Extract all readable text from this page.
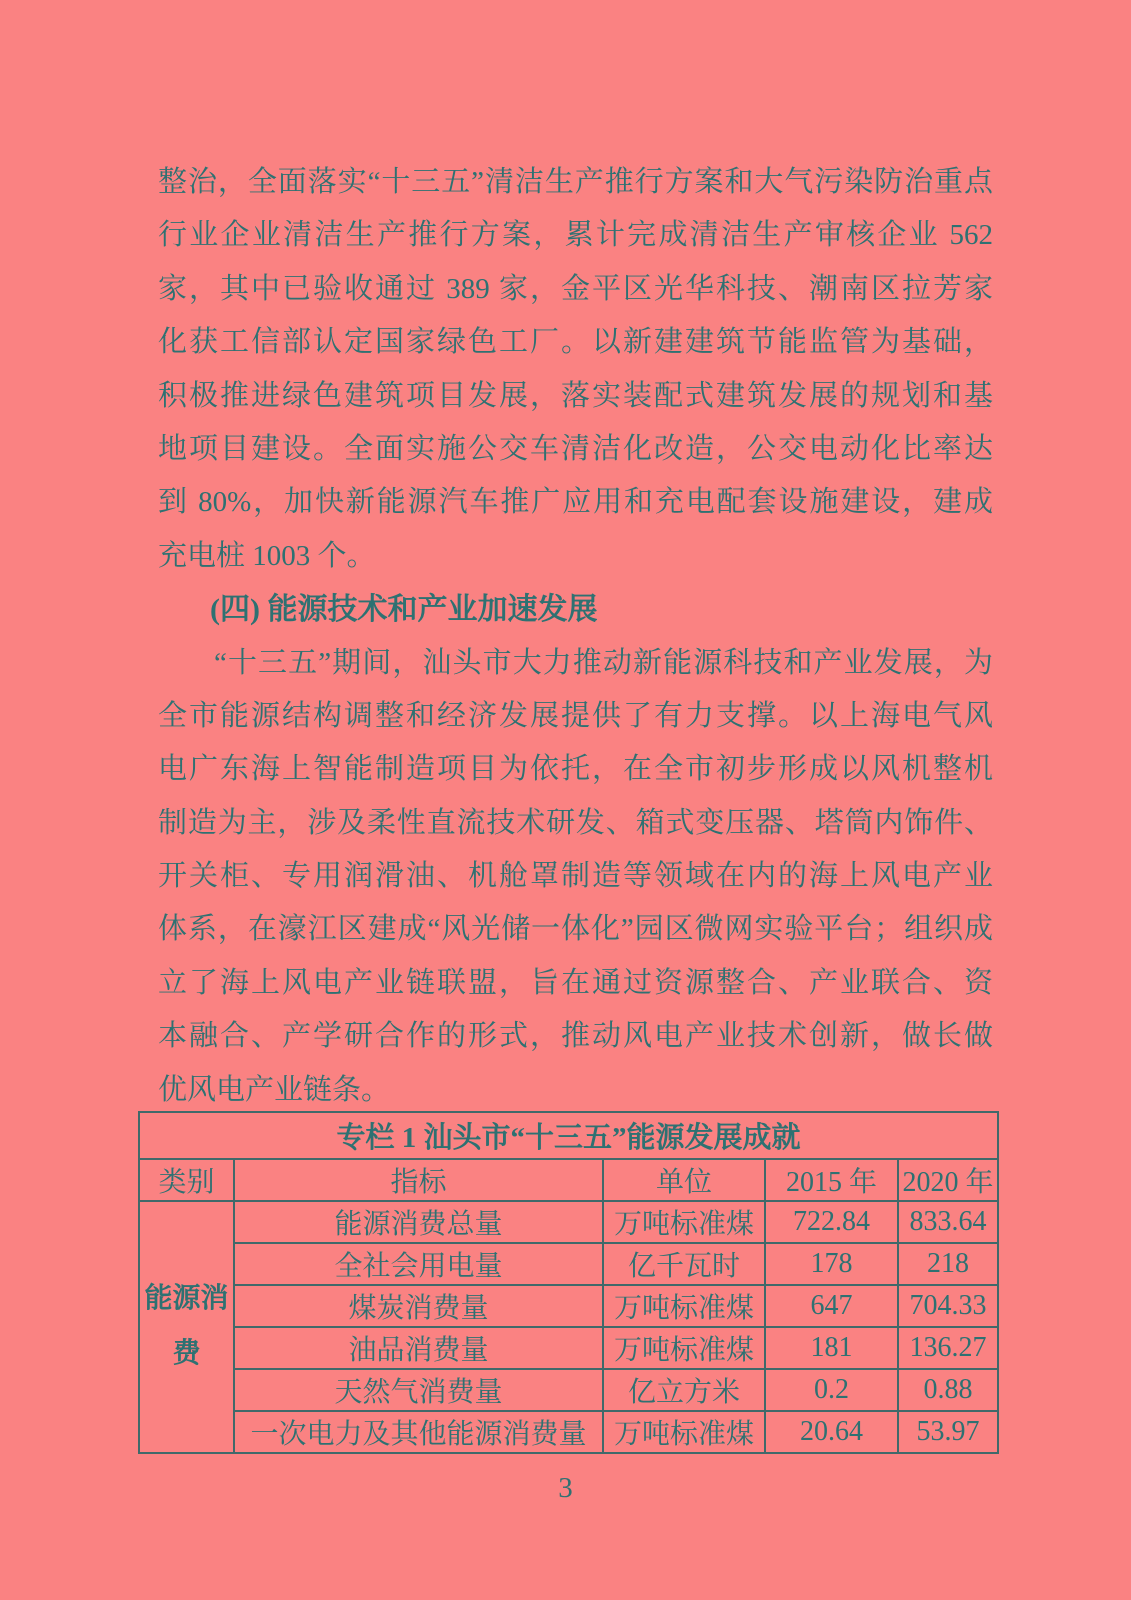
整治，全面落实“十三五”清洁生产推行方案和大气污染防治重点
行业企业清洁生产推行方案，累计完成清洁生产审核企业 562
家，其中已验收通过 389 家，金平区光华科技、潮南区拉芳家
化获工信部认定国家绿色工厂。以新建建筑节能监管为基础，
积极推进绿色建筑项目发展，落实装配式建筑发展的规划和基
地项目建设。全面实施公交车清洁化改造，公交电动化比率达
到 80%，加快新能源汽车推广应用和充电配套设施建设，建成
充电桩 1003 个。
(四) 能源技术和产业加速发展
“十三五”期间，汕头市大力推动新能源科技和产业发展，为
全市能源结构调整和经济发展提供了有力支撑。以上海电气风
电广东海上智能制造项目为依托，在全市初步形成以风机整机
制造为主，涉及柔性直流技术研发、箱式变压器、塔筒内饰件、
开关柜、专用润滑油、机舱罩制造等领域在内的海上风电产业
体系，在濠江区建成“风光储一体化”园区微网实验平台；组织成
立了海上风电产业链联盟，旨在通过资源整合、产业联合、资
本融合、产学研合作的形式，推动风电产业技术创新，做长做
优风电产业链条。
专栏 1 汕头市“十三五”能源发展成就				
类别	指标	单位	2015 年	2020 年
能源消费	能源消费总量	万吨标准煤	722.84	833.64
	全社会用电量	亿千瓦时	178	218
	煤炭消费量	万吨标准煤	647	704.33
	油品消费量	万吨标准煤	181	136.27
	天然气消费量	亿立方米	0.2	0.88
	一次电力及其他能源消费量	万吨标准煤	20.64	53.97
3
